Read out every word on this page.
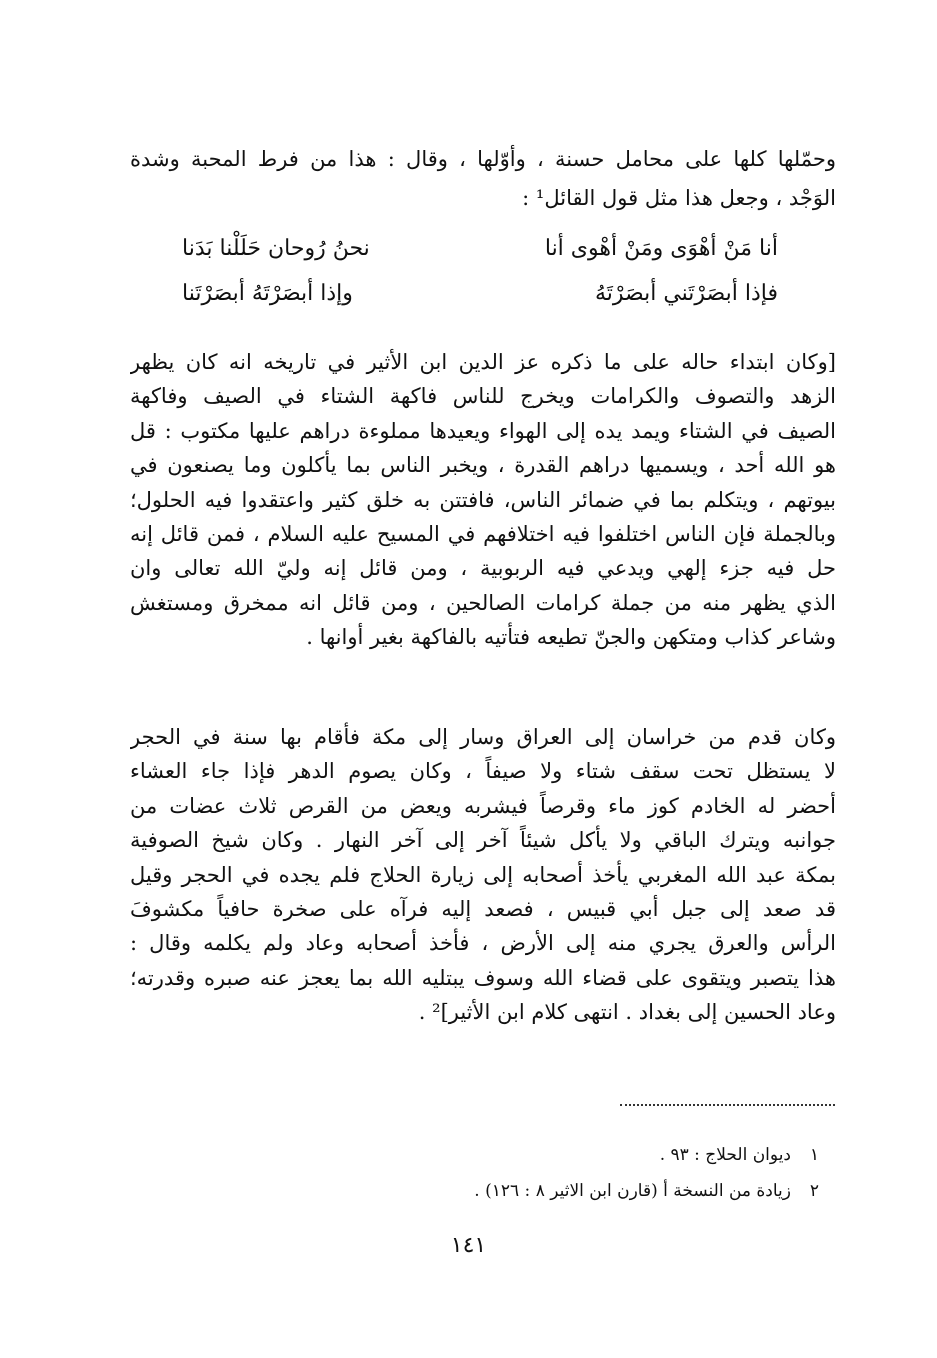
وحمّلها كلها على محامل حسنة ، وأوّلها ، وقال : هذا من فرط المحبة وشدة
الوَجْد ، وجعل هذا مثل قول القائل¹ :
أنا مَنْ أهْوَى ومَنْ أهْوى أنا
نحنُ رُوحان حَلَلْنا بَدَنا
فإذا أبصَرْتَني أبصَرْتَهُ
وإذا أبصَرْتَهُ أبصَرْتَنا
[وكان ابتداء حاله على ما ذكره عز الدين ابن الأثير في تاريخه انه كان يظهر
الزهد والتصوف والكرامات ويخرج للناس فاكهة الشتاء في الصيف وفاكهة
الصيف في الشتاء ويمد يده إلى الهواء ويعيدها مملوءة دراهم عليها مكتوب : قل
هو الله أحد ، ويسميها دراهم القدرة ، ويخبر الناس بما يأكلون وما يصنعون في
بيوتهم ، ويتكلم بما في ضمائر الناس، فافتتن به خلق كثير واعتقدوا فيه الحلول؛
وبالجملة فإن الناس اختلفوا فيه اختلافهم في المسيح عليه السلام ، فمن قائل إنه
حل فيه جزء إلهي ويدعي فيه الربوبية ، ومن قائل إنه وليّ الله تعالى وان
الذي يظهر منه من جملة كرامات الصالحين ، ومن قائل انه ممخرق ومستغش
وشاعر كذاب ومتكهن والجنّ تطيعه فتأتيه بالفاكهة بغير أوانها .
وكان قدم من خراسان إلى العراق وسار إلى مكة فأقام بها سنة في الحجر
لا يستظل تحت سقف شتاء ولا صيفاً ، وكان يصوم الدهر فإذا جاء العشاء
أحضر له الخادم كوز ماء وقرصاً فيشربه ويعض من القرص ثلاث عضات من
جوانبه ويترك الباقي ولا يأكل شيئاً آخر إلى آخر النهار . وكان شيخ الصوفية
بمكة عبد الله المغربي يأخذ أصحابه إلى زيارة الحلاج فلم يجده في الحجر وقيل
قد صعد إلى جبل أبي قبيس ، فصعد إليه فرآه على صخرة حافياً مكشوفَ
الرأس والعرق يجري منه إلى الأرض ، فأخذ أصحابه وعاد ولم يكلمه وقال :
هذا يتصبر ويتقوى على قضاء الله وسوف يبتليه الله بما يعجز عنه صبره وقدرته؛
وعاد الحسين إلى بغداد . انتهى كلام ابن الأثير]² .
١
ديوان الحلاج : ٩٣ .
٢
زيادة من النسخة أ (قارن ابن الاثير ٨ : ١٢٦) .
١٤١
